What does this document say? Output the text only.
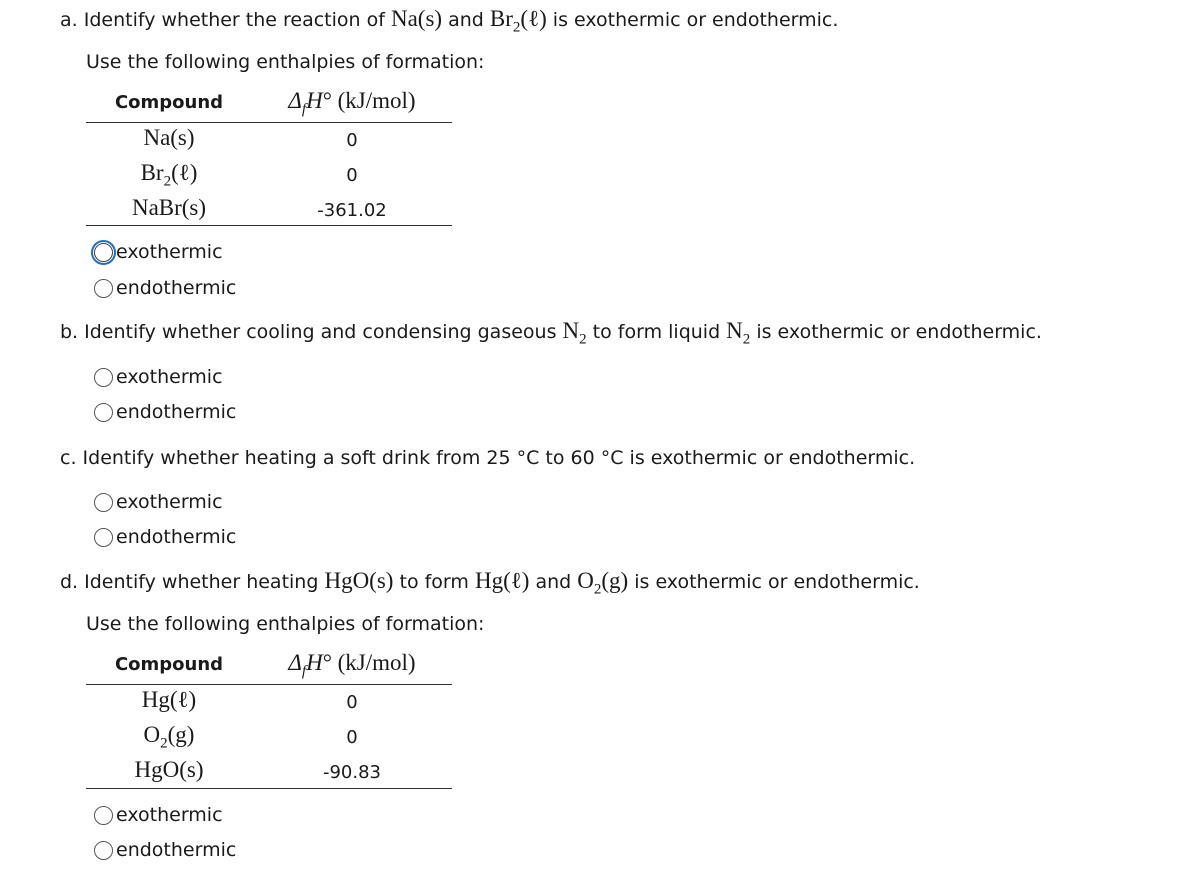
a. Identify whether the reaction of Na(s) and $Br_2(\ell)$ is exothermic or endothermic.
Use the following enthalpies of formation:
Compound	$\Delta_fH^\circ$ (kJ/mol)
Na(s)	0
$Br_2(\ell)$	0
NaBr(s)	-361.02
exothermic
endothermic
b. Identify whether cooling and condensing gaseous $N_2$ to form liquid $N_2$ is exothermic or endothermic.
exothermic
endothermic
c. Identify whether heating a soft drink from 25 °C to 60 °C is exothermic or endothermic.
exothermic
endothermic
d. Identify whether heating HgO(s) to form Hg(ℓ) and $O_2(g)$ is exothermic or endothermic.
Use the following enthalpies of formation:
Compound	$\Delta_fH^\circ$ (kJ/mol)
Hg(ℓ)	0
$O_2(g)$	0
HgO(s)	-90.83
exothermic
endothermic
